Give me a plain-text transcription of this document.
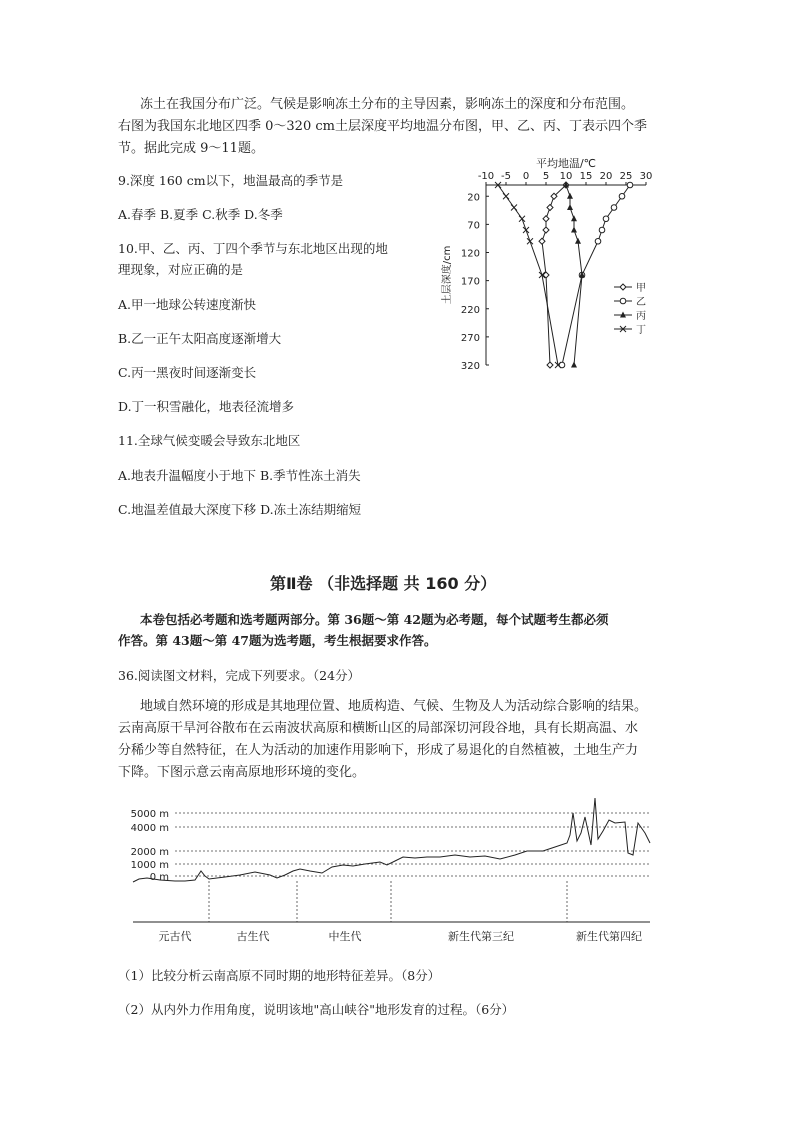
冻土在我国分布广泛。气候是影响冻土分布的主导因素，影响冻土的深度和分布范围。
右图为我国东北地区四季 0～320 cm土层深度平均地温分布图，甲、乙、丙、丁表示四个季
节。据此完成 9～11题。
9.深度 160 cm以下，地温最高的季节是
A.春季 B.夏季 C.秋季 D.冬季
10.甲、乙、丙、丁四个季节与东北地区出现的地
理现象，对应正确的是
A.甲一地球公转速度渐快
B.乙一正午太阳高度逐渐增大
C.丙一黑夜时间逐渐变长
D.丁一积雪融化，地表径流增多
11.全球气候变暖会导致东北地区
A.地表升温幅度小于地下 B.季节性冻土消失
C.地温差值最大深度下移 D.冻土冻结期缩短
平均地温/℃
-10 -5 0 5 10 15 20 25 30
20
70
120
170
220
270
320
土层深度/cm	甲
乙
丙
丁
第Ⅱ卷 （非选择题 共 160 分）
本卷包括必考题和选考题两部分。第 36题～第 42题为必考题，每个试题考生都必须
作答。第 43题～第 47题为选考题，考生根据要求作答。
36.阅读图文材料，完成下列要求。（24分）
地域自然环境的形成是其地理位置、地质构造、气候、生物及人为活动综合影响的结果。
云南高原干旱河谷散布在云南波状高原和横断山区的局部深切河段谷地，具有长期高温、水
分稀少等自然特征，在人为活动的加速作用影响下，形成了易退化的自然植被，土地生产力
下降。下图示意云南高原地形环境的变化。
5000 m
4000 m
2000 m
1000 m
0 m
元古代	古生代	中生代	新生代第三纪	新生代第四纪
（1）比较分析云南高原不同时期的地形特征差异。（8分）
（2）从内外力作用角度，说明该地"高山峡谷"地形发育的过程。（6分）
